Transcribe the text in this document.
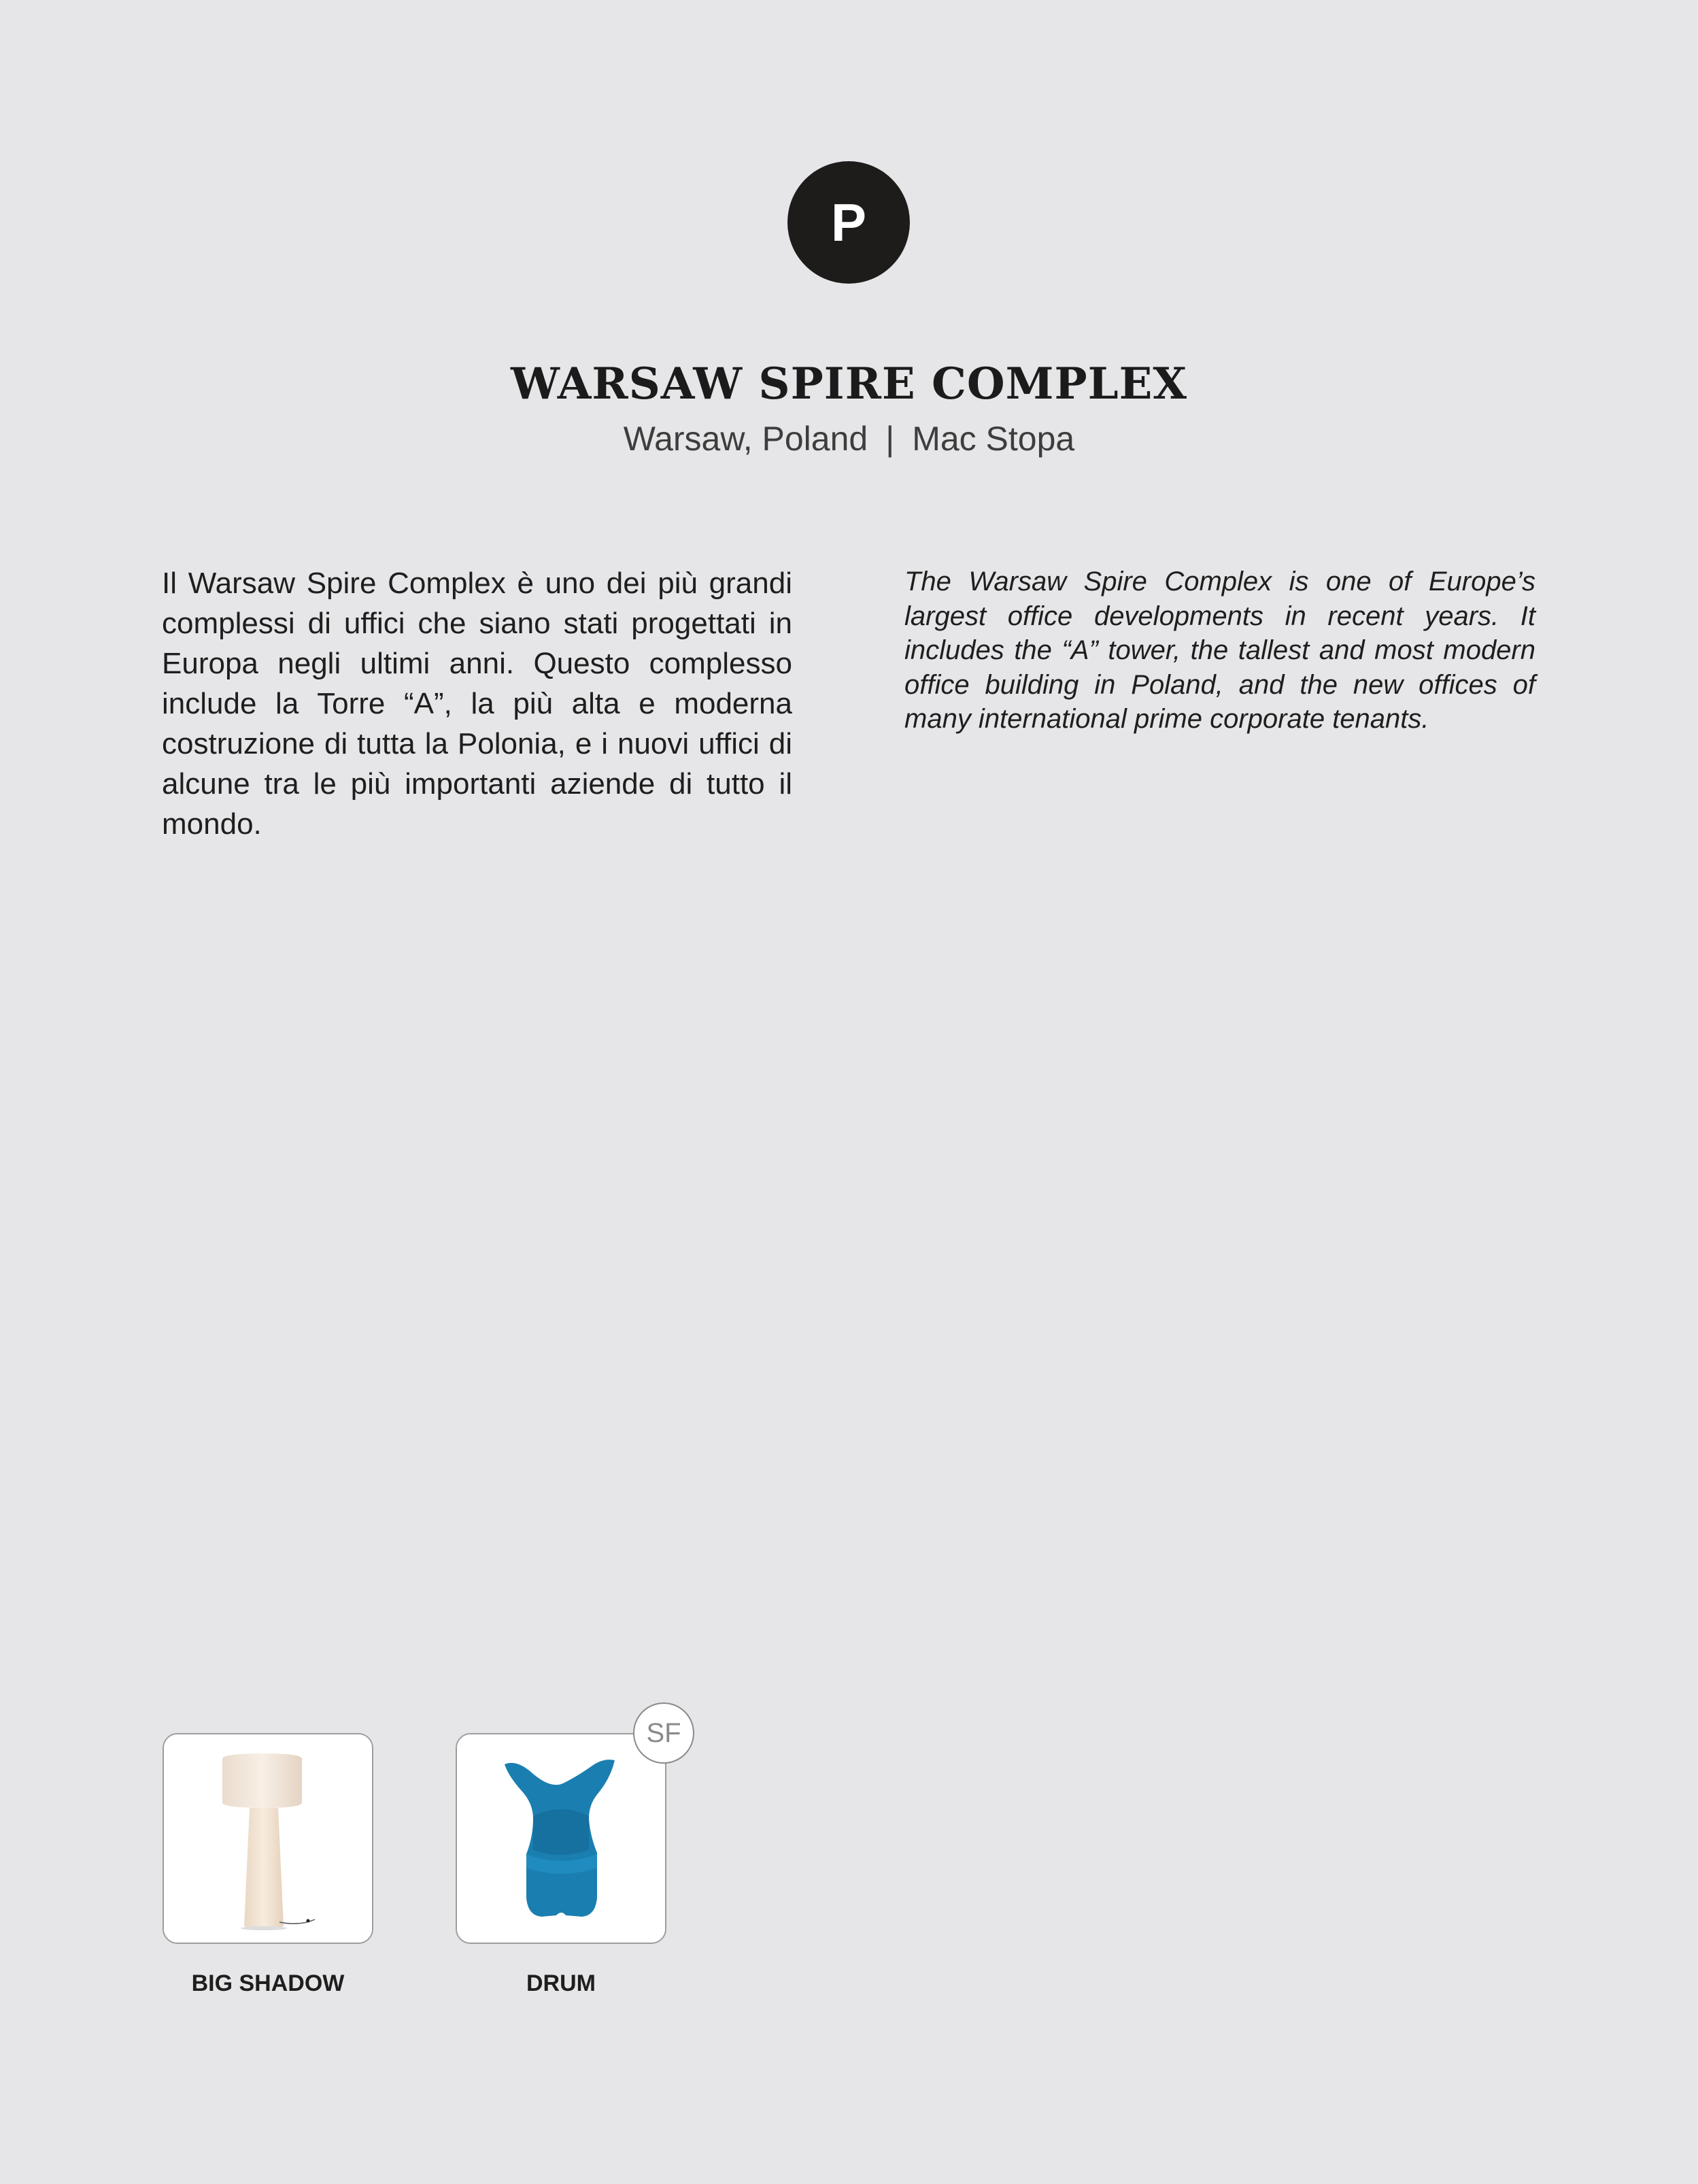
P
WARSAW SPIRE COMPLEX
Warsaw, Poland | Mac Stopa

Il Warsaw Spire Complex è uno dei più grandi complessi di uffici che siano stati progettati in Europa negli ultimi anni. Questo complesso include la Torre “A”, la più alta e moderna costruzione di tutta la Polonia, e i nuovi uffici di alcune tra le più importanti aziende di tutto il mondo.

The Warsaw Spire Complex is one of Europe’s largest office developments in recent years. It includes the “A” tower, the tallest and most modern office building in Poland, and the new offices of many international prime corporate tenants.

SF
BIG SHADOW	DRUM
